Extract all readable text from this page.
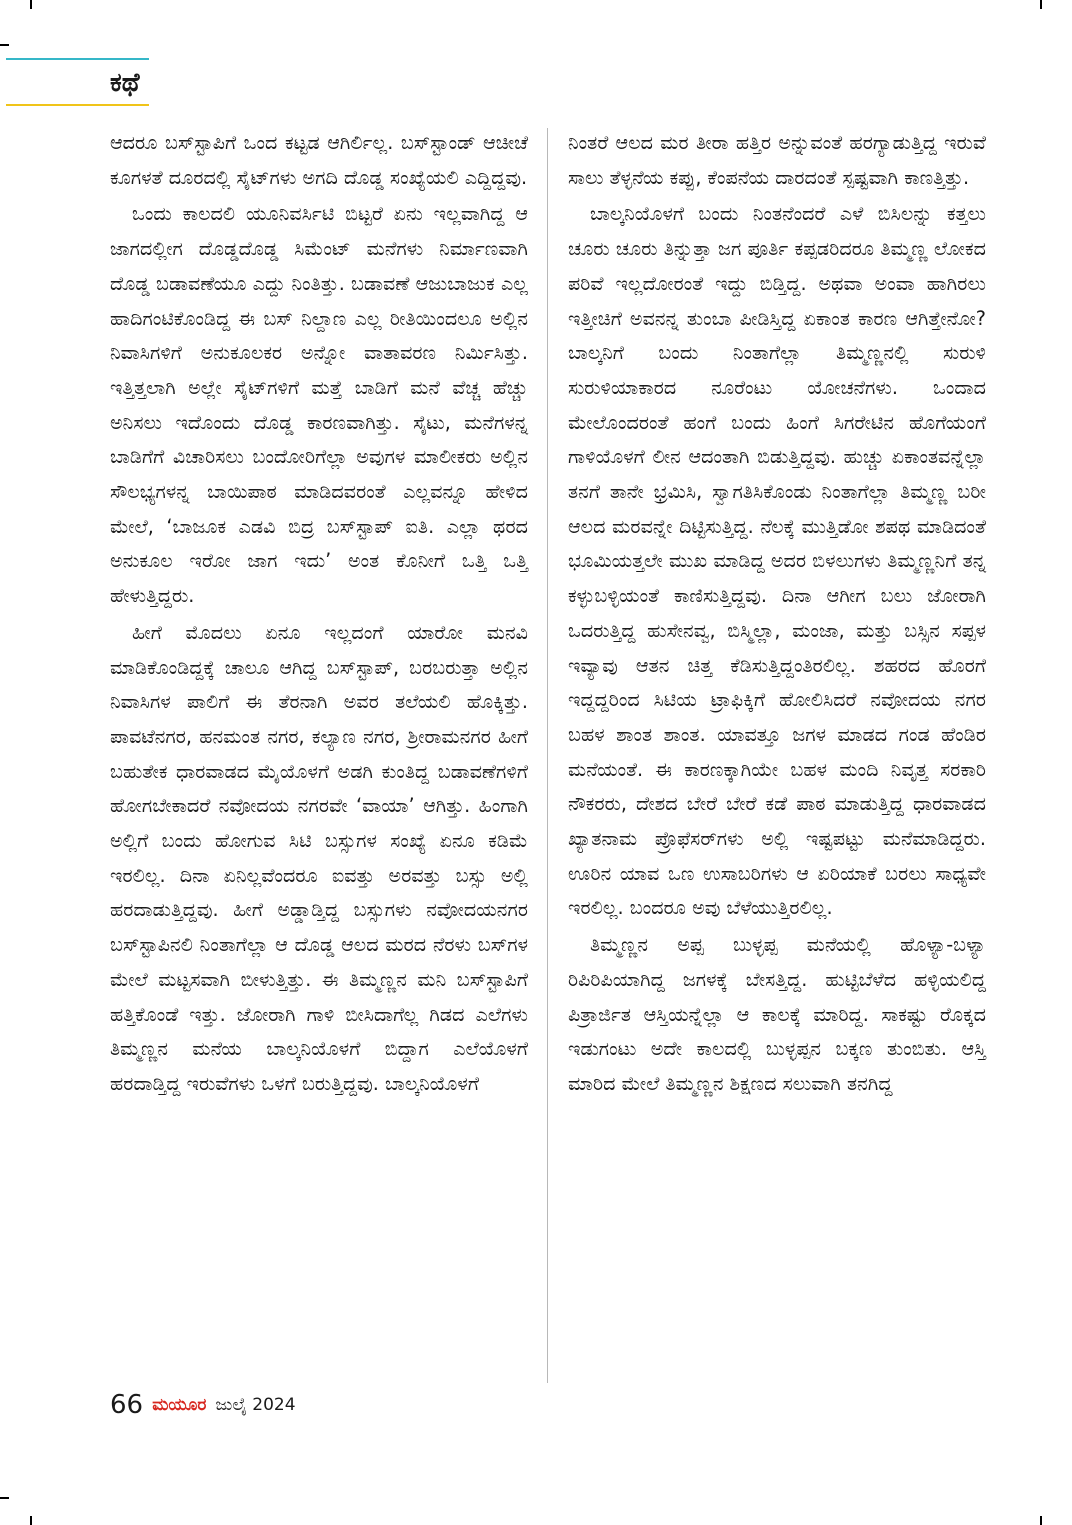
ಕಥೆ

ಆದರೂ ಬಸ್‌ಸ್ಟಾಪಿಗೆ ಒಂದ ಕಟ್ಟಡ ಆಗಿರ್ಲಿಲ್ಲ. ಬಸ್‌ಸ್ಟಾಂಡ್ ಆಚೀಚೆ ಕೂಗಳತೆ ದೂರದಲ್ಲಿ ಸೈಟ್‌ಗಳು ಅಗದಿ ದೊಡ್ಡ ಸಂಖ್ಯೆಯಲಿ ಎದ್ದಿದ್ದವು.

ಒಂದು ಕಾಲದಲಿ ಯೂನಿವರ್ಸಿಟಿ ಬಿಟ್ಟರೆ ಏನು ಇಲ್ಲವಾಗಿದ್ದ ಆ ಜಾಗದಲ್ಲೀಗ ದೊಡ್ಡದೊಡ್ಡ ಸಿಮೆಂಟ್ ಮನೆಗಳು ನಿರ್ಮಾಣವಾಗಿ ದೊಡ್ಡ ಬಡಾವಣೆಯೂ ಎದ್ದು ನಿಂತಿತ್ತು. ಬಡಾವಣೆ ಆಜುಬಾಜುಕ ಎಲ್ಲ ಹಾದಿಗಂಟಿಕೊಂಡಿದ್ದ ಈ ಬಸ್ ನಿಲ್ದಾಣ ಎಲ್ಲ ರೀತಿಯಿಂದಲೂ ಅಲ್ಲಿನ ನಿವಾಸಿಗಳಿಗೆ ಅನುಕೂಲಕರ ಅನ್ನೋ ವಾತಾವರಣ ನಿರ್ಮಿಸಿತ್ತು. ಇತ್ತಿತ್ತಲಾಗಿ ಅಲ್ಲೇ ಸೈಟ್‌ಗಳಿಗೆ ಮತ್ತೆ ಬಾಡಿಗೆ ಮನೆ ವೆಚ್ಚ ಹೆಚ್ಚು ಅನಿಸಲು ಇದೊಂದು ದೊಡ್ಡ ಕಾರಣವಾಗಿತ್ತು. ಸೈಟು, ಮನೆಗಳನ್ನ ಬಾಡಿಗೆಗೆ ವಿಚಾರಿಸಲು ಬಂದೋರಿಗೆಲ್ಲಾ ಅವುಗಳ ಮಾಲೀಕರು ಅಲ್ಲಿನ ಸೌಲಭ್ಯಗಳನ್ನ ಬಾಯಿಪಾಠ ಮಾಡಿದವರಂತೆ ಎಲ್ಲವನ್ನೂ ಹೇಳಿದ ಮೇಲೆ, ‘ಬಾಜೂಕ ಎಡವಿ ಬಿದ್ರ ಬಸ್‌ಸ್ಟಾಪ್ ಐತಿ. ಎಲ್ಲಾ ಥರದ ಅನುಕೂಲ ಇರೋ ಜಾಗ ಇದು’ ಅಂತ ಕೊನೀಗೆ ಒತ್ತಿ ಒತ್ತಿ ಹೇಳುತ್ತಿದ್ದರು.

ಹೀಗೆ ಮೊದಲು ಏನೂ ಇಲ್ಲದಂಗೆ ಯಾರೋ ಮನವಿ ಮಾಡಿಕೊಂಡಿದ್ದಕ್ಕೆ ಚಾಲೂ ಆಗಿದ್ದ ಬಸ್‌ಸ್ಟಾಪ್, ಬರಬರುತ್ತಾ ಅಲ್ಲಿನ ನಿವಾಸಿಗಳ ಪಾಲಿಗೆ ಈ ತೆರನಾಗಿ ಅವರ ತಲೆಯಲಿ ಹೊಕ್ಕಿತ್ತು. ಪಾವಟೆನಗರ, ಹನಮಂತ ನಗರ, ಕಲ್ಯಾಣ ನಗರ, ಶ್ರೀರಾಮನಗರ ಹೀಗೆ ಬಹುತೇಕ ಧಾರವಾಡದ ಮೈಯೊಳಗೆ ಅಡಗಿ ಕುಂತಿದ್ದ ಬಡಾವಣೆಗಳಿಗೆ ಹೋಗಬೇಕಾದರೆ ನವೋದಯ ನಗರವೇ ‘ವಾಯಾ’ ಆಗಿತ್ತು. ಹಿಂಗಾಗಿ ಅಲ್ಲಿಗೆ ಬಂದು ಹೋಗುವ ಸಿಟಿ ಬಸ್ಸುಗಳ ಸಂಖ್ಯೆ ಏನೂ ಕಡಿಮೆ ಇರಲಿಲ್ಲ. ದಿನಾ ಏನಿಲ್ಲವೆಂದರೂ ಐವತ್ತು ಅರವತ್ತು ಬಸ್ಸು ಅಲ್ಲಿ ಹರದಾಡುತ್ತಿದ್ದವು. ಹೀಗೆ ಅಡ್ಡಾಡ್ತಿದ್ದ ಬಸ್ಸುಗಳು ನವೋದಯನಗರ ಬಸ್‌ಸ್ಟಾಪಿನಲಿ ನಿಂತಾಗೆಲ್ಲಾ ಆ ದೊಡ್ಡ ಆಲದ ಮರದ ನೆರಳು ಬಸ್‌ಗಳ ಮೇಲೆ ಮಟ್ಟಸವಾಗಿ ಬೀಳುತ್ತಿತ್ತು. ಈ ತಿಮ್ಮಣ್ಣನ ಮನಿ ಬಸ್‌ಸ್ಟಾಪಿಗೆ ಹತ್ತಿಕೊಂಡೆ ಇತ್ತು. ಜೋರಾಗಿ ಗಾಳಿ ಬೀಸಿದಾಗೆಲ್ಲ ಗಿಡದ ಎಲೆಗಳು ತಿಮ್ಮಣ್ಣನ ಮನೆಯ ಬಾಲ್ಕನಿಯೊಳಗೆ ಬಿದ್ದಾಗ ಎಲೆಯೊಳಗೆ ಹರದಾಡ್ತಿದ್ದ ಇರುವೆಗಳು ಒಳಗೆ ಬರುತ್ತಿದ್ದವು. ಬಾಲ್ಕನಿಯೊಳಗೆ

ನಿಂತರೆ ಆಲದ ಮರ ತೀರಾ ಹತ್ತಿರ ಅನ್ನುವಂತೆ ಹರಗ್ಯಾಡುತ್ತಿದ್ದ ಇರುವೆ ಸಾಲು ತೆಳ್ಳನೆಯ ಕಪ್ಪು, ಕೆಂಪನೆಯ ದಾರದಂತೆ ಸ್ಪಷ್ಟವಾಗಿ ಕಾಣತ್ತಿತ್ತು.

ಬಾಲ್ಕನಿಯೊಳಗೆ ಬಂದು ನಿಂತನೆಂದರೆ ಎಳೆ ಬಿಸಿಲನ್ನು ಕತ್ತಲು ಚೂರು ಚೂರು ತಿನ್ನುತ್ತಾ ಜಗ ಪೂರ್ತಿ ಕಪ್ಪಡರಿದರೂ ತಿಮ್ಮಣ್ಣ ಲೋಕದ ಪರಿವೆ ಇಲ್ಲದೋರಂತೆ ಇದ್ದು ಬಿಡ್ತಿದ್ದ. ಅಥವಾ ಅಂವಾ ಹಾಗಿರಲು ಇತ್ತೀಚಿಗೆ ಅವನನ್ನ ತುಂಬಾ ಪೀಡಿಸ್ತಿದ್ದ ಏಕಾಂತ ಕಾರಣ ಆಗಿತ್ತೇನೋ? ಬಾಲ್ಕನಿಗೆ ಬಂದು ನಿಂತಾಗೆಲ್ಲಾ ತಿಮ್ಮಣ್ಣನಲ್ಲಿ ಸುರುಳಿ ಸುರುಳಿಯಾಕಾರದ ನೂರೆಂಟು ಯೋಚನೆಗಳು. ಒಂದಾದ ಮೇಲೊಂದರಂತೆ ಹಂಗೆ ಬಂದು ಹಿಂಗೆ ಸಿಗರೇಟಿನ ಹೊಗೆಯಂಗೆ ಗಾಳಿಯೊಳಗೆ ಲೀನ ಆದಂತಾಗಿ ಬಿಡುತ್ತಿದ್ದವು. ಹುಚ್ಚು ಏಕಾಂತವನ್ನೆಲ್ಲಾ ತನಗೆ ತಾನೇ ಭ್ರಮಿಸಿ, ಸ್ವಾಗತಿಸಿಕೊಂಡು ನಿಂತಾಗೆಲ್ಲಾ ತಿಮ್ಮಣ್ಣ ಬರೀ ಆಲದ ಮರವನ್ನೇ ದಿಟ್ಟಿಸುತ್ತಿದ್ದ. ನೆಲಕ್ಕೆ ಮುತ್ತಿಡೋ ಶಪಥ ಮಾಡಿದಂತೆ ಭೂಮಿಯತ್ತಲೇ ಮುಖ ಮಾಡಿದ್ದ ಅದರ ಬಿಳಲುಗಳು ತಿಮ್ಮಣ್ಣನಿಗೆ ತನ್ನ ಕಳ್ಳುಬಳ್ಳಿಯಂತೆ ಕಾಣಿಸುತ್ತಿದ್ದವು. ದಿನಾ ಆಗೀಗ ಬಲು ಜೋರಾಗಿ ಒದರುತ್ತಿದ್ದ ಹುಸೇನವ್ವ, ಬಿಸ್ಮಿಲ್ಲಾ, ಮಂಜಾ, ಮತ್ತು ಬಸ್ಸಿನ ಸಪ್ಪಳ ಇವ್ಯಾವು ಆತನ ಚಿತ್ತ ಕೆಡಿಸುತ್ತಿದ್ದಂತಿರಲಿಲ್ಲ. ಶಹರದ ಹೊರಗೆ ಇದ್ದದ್ದರಿಂದ ಸಿಟಿಯ ಟ್ರಾಫಿಕ್ಕಿಗೆ ಹೋಲಿಸಿದರೆ ನವೋದಯ ನಗರ ಬಹಳ ಶಾಂತ ಶಾಂತ. ಯಾವತ್ತೂ ಜಗಳ ಮಾಡದ ಗಂಡ ಹೆಂಡಿರ ಮನೆಯಂತೆ. ಈ ಕಾರಣಕ್ಕಾಗಿಯೇ ಬಹಳ ಮಂದಿ ನಿವೃತ್ತ ಸರಕಾರಿ ನೌಕರರು, ದೇಶದ ಬೇರೆ ಬೇರೆ ಕಡೆ ಪಾಠ ಮಾಡುತ್ತಿದ್ದ ಧಾರವಾಡದ ಖ್ಯಾತನಾಮ ಪ್ರೊಫೆಸರ್‌ಗಳು ಅಲ್ಲಿ ಇಷ್ಟಪಟ್ಟು ಮನೆಮಾಡಿದ್ದರು. ಊರಿನ ಯಾವ ಒಣ ಉಸಾಬರಿಗಳು ಆ ಏರಿಯಾಕೆ ಬರಲು ಸಾಧ್ಯವೇ ಇರಲಿಲ್ಲ. ಬಂದರೂ ಅವು ಬೆಳೆಯುತ್ತಿರಲಿಲ್ಲ.

ತಿಮ್ಮಣ್ಣನ ಅಪ್ಪ ಬುಳ್ಳಪ್ಪ ಮನೆಯಲ್ಲಿ ಹೊಳ್ಯಾ-ಬಳ್ಯಾ ರಿಪಿರಿಪಿಯಾಗಿದ್ದ ಜಗಳಕ್ಕೆ ಬೇಸತ್ತಿದ್ದ. ಹುಟ್ಟಿಬೆಳೆದ ಹಳ್ಳಿಯಲಿದ್ದ ಪಿತ್ರಾರ್ಜಿತ ಆಸ್ತಿಯನ್ನೆಲ್ಲಾ ಆ ಕಾಲಕ್ಕೆ ಮಾರಿದ್ದ. ಸಾಕಷ್ಟು ರೊಕ್ಕದ ಇಡುಗಂಟು ಅದೇ ಕಾಲದಲ್ಲಿ ಬುಳ್ಳಪ್ಪನ ಬಕ್ಕಣ ತುಂಬಿತು. ಆಸ್ತಿ ಮಾರಿದ ಮೇಲೆ ತಿಮ್ಮಣ್ಣನ ಶಿಕ್ಷಣದ ಸಲುವಾಗಿ ತನಗಿದ್ದ

66 ಮಯೂರ ಜುಲೈ 2024
